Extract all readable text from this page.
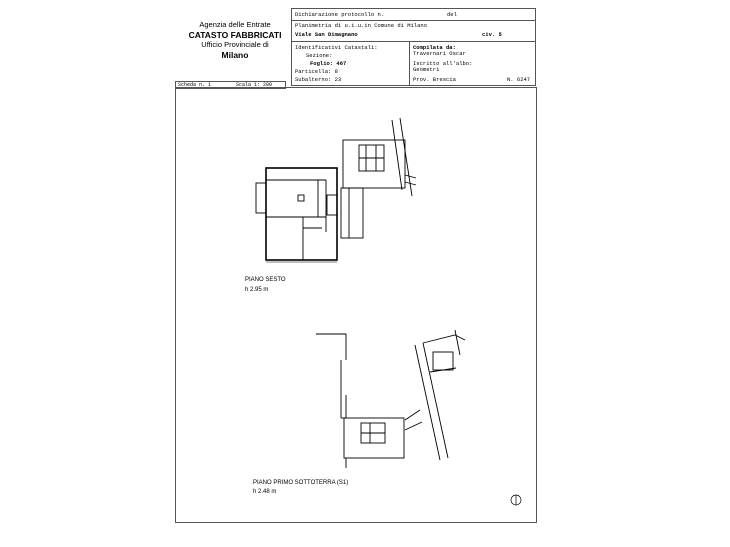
Agenzia delle Entrate
CATASTO FABBRICATI
Ufficio Provinciale di
Milano
Dichiarazione protocollo n.	del
Planimetria di u.i.u.in Comune di Milano
Viale San Dimagnano	civ. 5
Identificativi Catastali:
Sezione:
Foglio: 467
Particella: 8
Subalterno: 23
Compilata da:
Travernari Oscar
Iscritto all'albo:
Geometri
Prov. Brescia	N. 6247
Scheda n. 1	Scala 1: 200
PIANO SESTO
h 2.95 m
PIANO PRIMO SOTTOTERRA (S1)
h 2.48 m
